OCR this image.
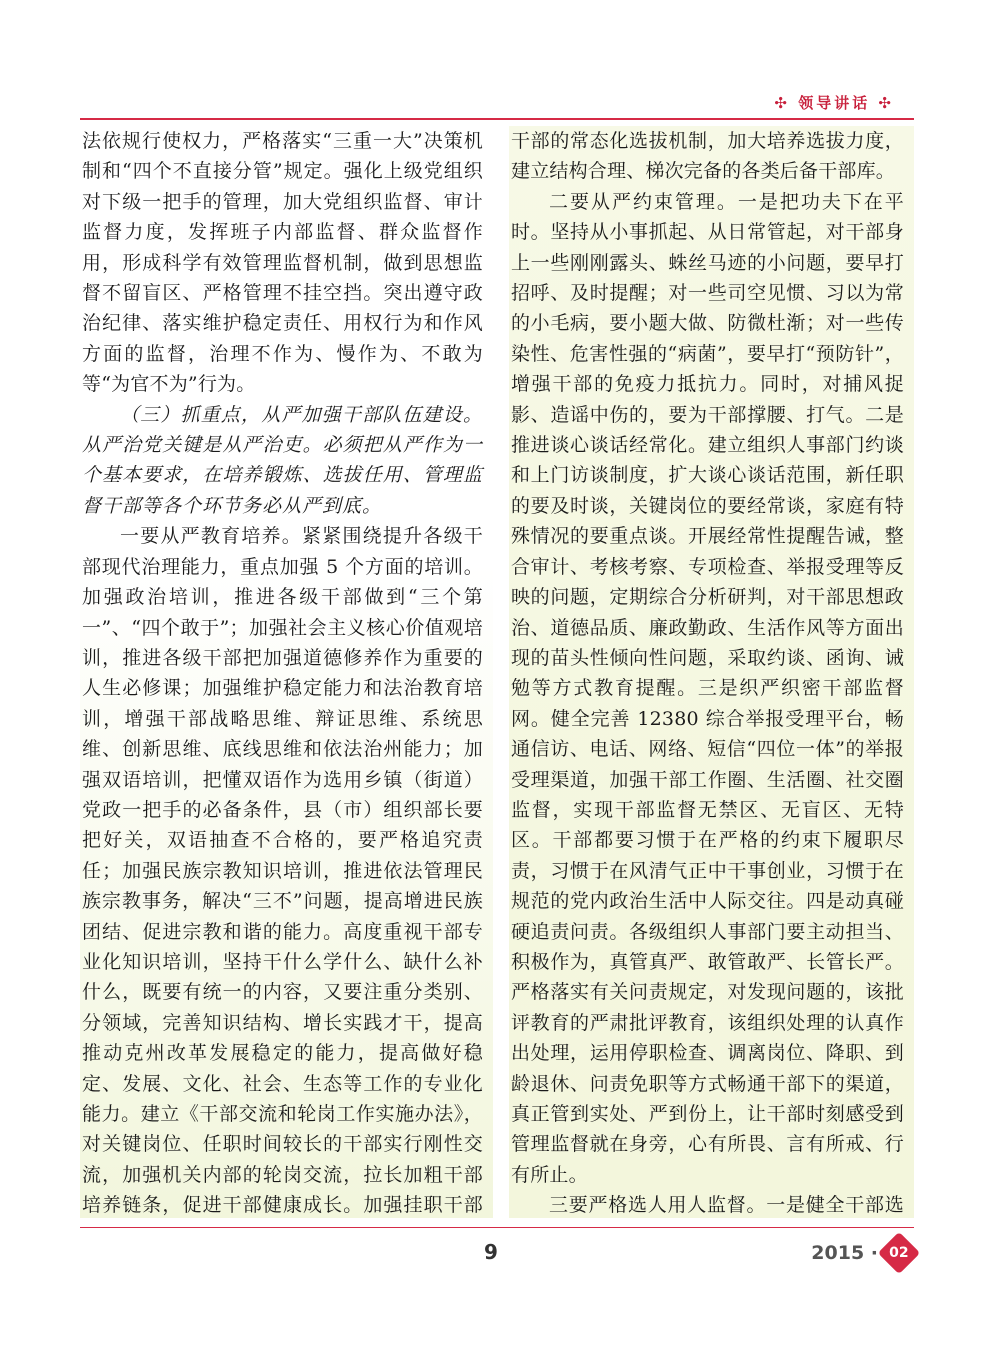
✣ 领导讲话 ✣

法依规行使权力，严格落实“三重一大”决策机制和“四个不直接分管”规定。强化上级党组织对下级一把手的管理，加大党组织监督、审计监督力度，发挥班子内部监督、群众监督作用，形成科学有效管理监督机制，做到思想监督不留盲区、严格管理不挂空挡。突出遵守政治纪律、落实维护稳定责任、用权行为和作风方面的监督，治理不作为、慢作为、不敢为等“为官不为”行为。

（三）抓重点，从严加强干部队伍建设。从严治党关键是从严治吏。必须把从严作为一个基本要求，在培养锻炼、选拔任用、管理监督干部等各个环节务必从严到底。

一要从严教育培养。紧紧围绕提升各级干部现代治理能力，重点加强 5 个方面的培训。加强政治培训，推进各级干部做到“三个第一”、“四个敢于”；加强社会主义核心价值观培训，推进各级干部把加强道德修养作为重要的人生必修课；加强维护稳定能力和法治教育培训，增强干部战略思维、辩证思维、系统思维、创新思维、底线思维和依法治州能力；加强双语培训，把懂双语作为选用乡镇（街道）党政一把手的必备条件，县（市）组织部长要把好关，双语抽查不合格的，要严格追究责任；加强民族宗教知识培训，推进依法管理民族宗教事务，解决“三不”问题，提高增进民族团结、促进宗教和谐的能力。高度重视干部专业化知识培训，坚持干什么学什么、缺什么补什么，既要有统一的内容，又要注重分类别、分领域，完善知识结构、增长实践才干，提高推动克州改革发展稳定的能力，提高做好稳定、发展、文化、社会、生态等工作的专业化能力。建立《干部交流和轮岗工作实施办法》，对关键岗位、任职时间较长的干部实行刚性交流，加强机关内部的轮岗交流，拉长加粗干部培养链条，促进干部健康成长。加强挂职干部

干部的常态化选拔机制，加大培养选拔力度，建立结构合理、梯次完备的各类后备干部库。

二要从严约束管理。一是把功夫下在平时。坚持从小事抓起、从日常管起，对干部身上一些刚刚露头、蛛丝马迹的小问题，要早打招呼、及时提醒；对一些司空见惯、习以为常的小毛病，要小题大做、防微杜渐；对一些传染性、危害性强的“病菌”，要早打“预防针”，增强干部的免疫力抵抗力。同时，对捕风捉影、造谣中伤的，要为干部撑腰、打气。二是推进谈心谈话经常化。建立组织人事部门约谈和上门访谈制度，扩大谈心谈话范围，新任职的要及时谈，关键岗位的要经常谈，家庭有特殊情况的要重点谈。开展经常性提醒告诫，整合审计、考核考察、专项检查、举报受理等反映的问题，定期综合分析研判，对干部思想政治、道德品质、廉政勤政、生活作风等方面出现的苗头性倾向性问题，采取约谈、函询、诫勉等方式教育提醒。三是织严织密干部监督网。健全完善 12380 综合举报受理平台，畅通信访、电话、网络、短信“四位一体”的举报受理渠道，加强干部工作圈、生活圈、社交圈监督，实现干部监督无禁区、无盲区、无特区。干部都要习惯于在严格的约束下履职尽责，习惯于在风清气正中干事创业，习惯于在规范的党内政治生活中人际交往。四是动真碰硬追责问责。各级组织人事部门要主动担当、积极作为，真管真严、敢管敢严、长管长严。严格落实有关问责规定，对发现问题的，该批评教育的严肃批评教育，该组织处理的认真作出处理，运用停职检查、调离岗位、降职、到龄退休、问责免职等方式畅通干部下的渠道，真正管到实处、严到份上，让干部时刻感受到管理监督就在身旁，心有所畏、言有所戒、行有所止。

三要严格选人用人监督。一是健全干部选

9	2015 · 02
